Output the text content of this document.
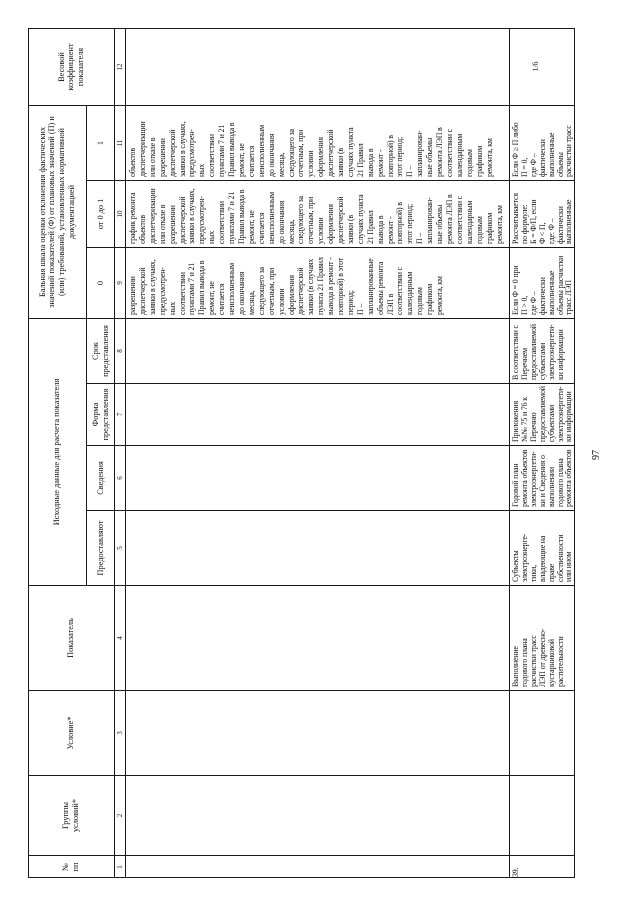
97
№
пп
Группы
условий*
Условие*
Показатель
Исходные данные для расчета показателя
Предоставляют
Сведения
Форма
представления
Срок
представления
Бальная шкала оценки отклонения фактических
значений показателей (Ф) от плановых значений (П) и
(или) требований, установленных нормативной
документацией
0
от 0 до 1
1
Весовой
коэффициент
показателя
1
2
3
4
5
6
7
8
9
10
11
12
разрешении
диспетчерской
заявки в случаях,
предусмотрен-
ных
соответствии
пунктами 7 и 21
Правил вывода в
ремонт, не
считается
неисполненным
до окончания
месяца,
следующего за
отчетным, при
условии
оформления
диспетчерской
заявки (в случаях
пункта 21 Правил
вывода в ремонт -
повторной) в этот
период;
П –
запланированные
объемы ремонта
ЛЭП в
соответствии с
календарным
годовым
графиком
ремонта, км
график ремонта
объектов
диспетчеризации
или отказе в
разрешении
диспетчерской
заявки в случаях,
предусмотрен-
ных
соответствии
пунктами 7 и 21
Правил вывода в
ремонт, не
считается
неисполненным
до окончания
месяца,
следующего за
отчетным, при
условии
оформления
диспетчерской
заявки (в
случаях пункта
21 Правил
вывода в
ремонт -
повторной) в
этот период;
П –
запланирован-
ные объемы
ремонта ЛЭП в
соответствии с
календарным
годовым
графиком
ремонта, км
объектов
диспетчеризации
или отказе в
разрешении
диспетчерской
заявки в случаях,
предусмотрен-
ных
соответствии
пунктами 7 и 21
Правил вывода в
ремонт, не
считается
неисполненным
до окончания
месяца,
следующего за
отчетным, при
условии
оформления
диспетчерской
заявки (в
случаях пункта
21 Правил
вывода в
ремонт -
повторной) в
этот период;
П –
запланирован-
ные объемы
ремонта ЛЭП в
соответствии с
календарным
годовым
графиком
ремонта, км
39.
Выполнение
годового плана
расчистки трасс
ЛЭП от древесно-
кустарниковой
растительности
Субъекты
электроэнерге-
тики,
владеющие на
праве
собственности
или ином
Годовой план
ремонта объектов
электроэнергети-
ки и Сведения о
выполнении
годового плана
ремонта объектов
Приложения
№№ 75 и 76 к
Перечню
предоставляемой
субъектами
электроэнергети-
ки информации
В соответствии с
Перечнем
предоставляемой
субъектами
электроэнергети-
ки информации
Если Ф = 0 при
П > 0,
где Ф –
фактически
выполненные
объемы расчистки
трасс ЛЭП
Рассчитывается
по формуле:
Б = Ф/П, если
Ф < П,
где: Ф –
фактически
выполненные
Если Ф ≥ П либо
П = 0,
где Ф –
фактически
выполненные
объемы
расчистки трасс
1/6
